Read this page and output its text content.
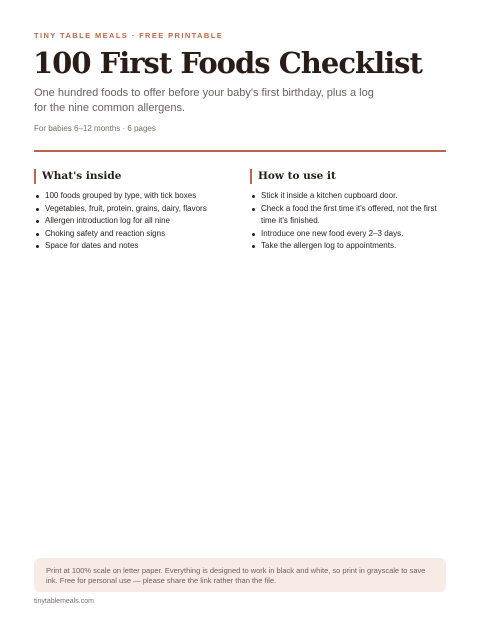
TINY TABLE MEALS · FREE PRINTABLE
100 First Foods Checklist

One hundred foods to offer before your baby's first birthday, plus a log for the nine common allergens.

For babies 6–12 months · 6 pages

What's inside
100 foods grouped by type, with tick boxes
Vegetables, fruit, protein, grains, dairy, flavors
Allergen introduction log for all nine
Choking safety and reaction signs
Space for dates and notes
How to use it
Stick it inside a kitchen cupboard door.
Check a food the first time it's offered, not the first time it's finished.
Introduce one new food every 2–3 days.
Take the allergen log to appointments.
Print at 100% scale on letter paper. Everything is designed to work in black and white, so print in grayscale to save ink. Free for personal use — please share the link rather than the file.
tinytablemeals.com
